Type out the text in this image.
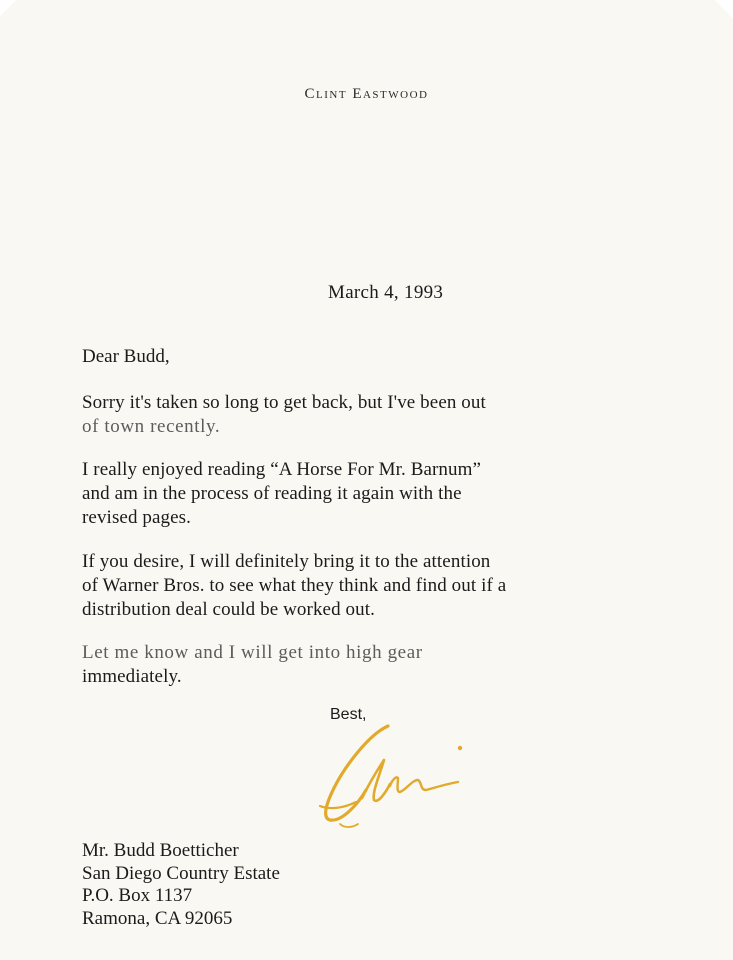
Clint Eastwood
March 4, 1993
Dear Budd,
Sorry it's taken so long to get back, but I've been out
of town recently.
I really enjoyed reading “A Horse For Mr. Barnum”
and am in the process of reading it again with the
revised pages.
If you desire, I will definitely bring it to the attention
of Warner Bros. to see what they think and find out if a
distribution deal could be worked out.
Let me know and I will get into high gear
immediately.
Best,
Mr. Budd Boetticher
San Diego Country Estate
P.O. Box 1137
Ramona, CA 92065
